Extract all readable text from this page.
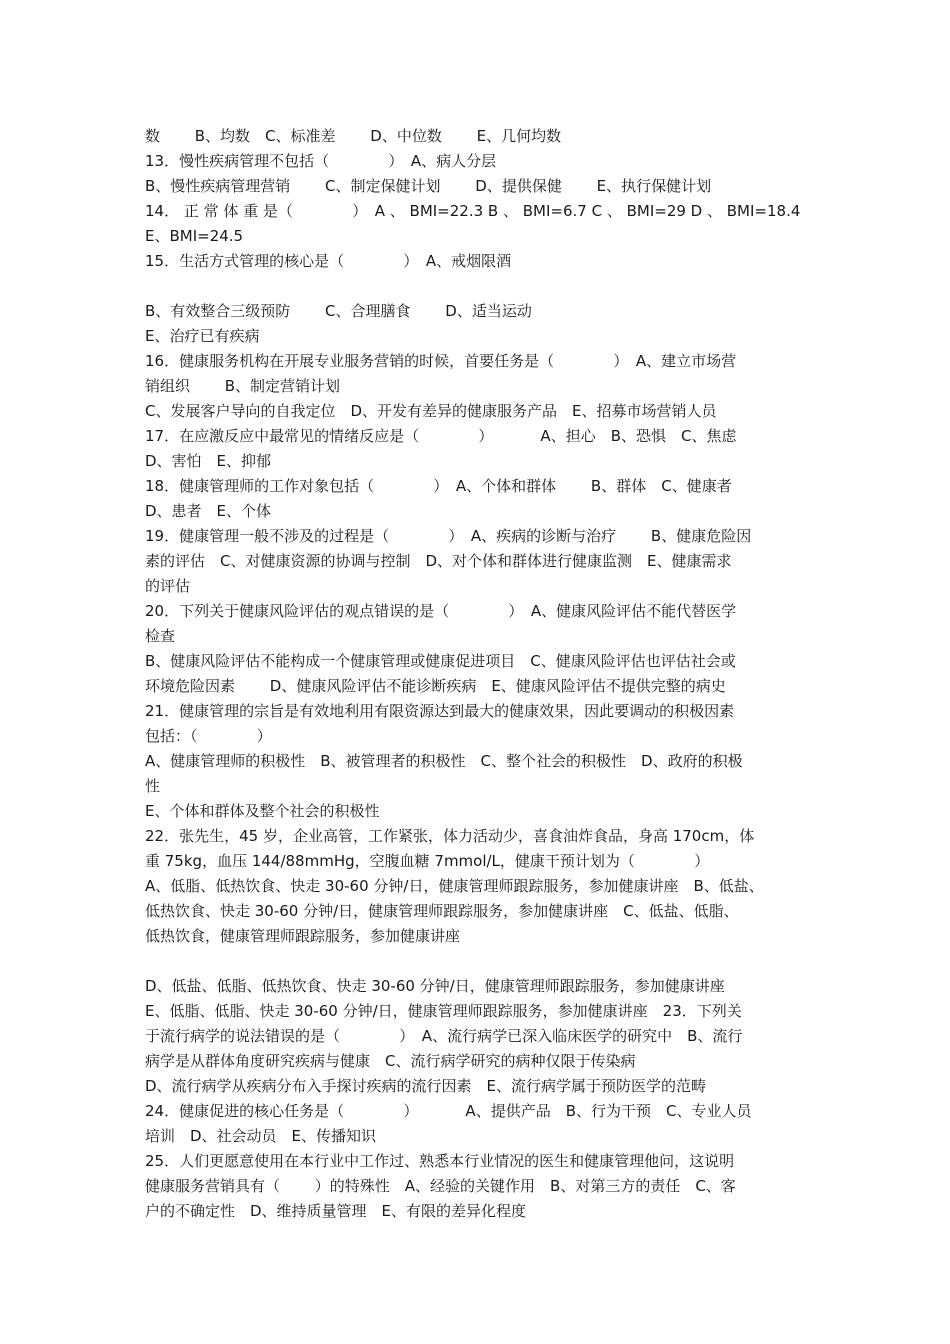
数　 　B、均数　C、标准差　 　D、中位数　 　E、几何均数

13．慢性疾病管理不包括（　 　 　 ）　A、病人分层

B、慢性疾病管理营销　 　C、制定保健计划　 　D、提供保健　 　E、执行保健计划

14． 正 常 体 重 是（　 　 　 ）　A 、 BMI=22.3 B 、 BMI=6.7 C 、 BMI=29 D 、 BMI=18.4

E、BMI=24.5

15．生活方式管理的核心是（　 　 　 ）　A、戒烟限酒

B、有效整合三级预防　 　C、合理膳食　 　D、适当运动

E、治疗已有疾病

16．健康服务机构在开展专业服务营销的时候，首要任务是（　 　 　 ）　A、建立市场营

销组织　 　B、制定营销计划

C、发展客户导向的自我定位　D、开发有差异的健康服务产品　E、招募市场营销人员

17．在应激反应中最常见的情绪反应是（　 　 　 ）　 　 　A、担心　B、恐惧　C、焦虑

D、害怕　E、抑郁

18．健康管理师的工作对象包括（　 　 　 ）　A、个体和群体　 　B、群体　C、健康者

D、患者　E、个体

19．健康管理一般不涉及的过程是（　 　 　 ）　A、疾病的诊断与治疗　 　B、健康危险因

素的评估　C、对健康资源的协调与控制　D、对个体和群体进行健康监测　E、健康需求

的评估

20．下列关于健康风险评估的观点错误的是（　 　 　 ）　A、健康风险评估不能代替医学

检查

B、健康风险评估不能构成一个健康管理或健康促进项目　C、健康风险评估也评估社会或

环境危险因素　 　D、健康风险评估不能诊断疾病　E、健康风险评估不提供完整的病史

21．健康管理的宗旨是有效地利用有限资源达到最大的健康效果，因此要调动的积极因素

包括：（　 　 　 ）

A、健康管理师的积极性　B、被管理者的积极性　C、整个社会的积极性　D、政府的积极

性

E、个体和群体及整个社会的积极性

22．张先生，45 岁，企业高管，工作紧张，体力活动少，喜食油炸食品，身高 170cm，体

重 75kg，血压 144/88mmHg，空腹血糖 7mmol/L，健康干预计划为（　 　 　 ）

A、低脂、低热饮食、快走 30-60 分钟/日，健康管理师跟踪服务，参加健康讲座　B、低盐、

低热饮食、快走 30-60 分钟/日，健康管理师跟踪服务，参加健康讲座　C、低盐、低脂、

低热饮食，健康管理师跟踪服务，参加健康讲座

D、低盐、低脂、低热饮食、快走 30-60 分钟/日，健康管理师跟踪服务，参加健康讲座

E、低脂、低脂、快走 30-60 分钟/日，健康管理师跟踪服务，参加健康讲座　23．下列关

于流行病学的说法错误的是（　 　 　 ）　A、流行病学已深入临床医学的研究中　B、流行

病学是从群体角度研究疾病与健康　C、流行病学研究的病种仅限于传染病

D、流行病学从疾病分布入手探讨疾病的流行因素　E、流行病学属于预防医学的范畴

24．健康促进的核心任务是（　 　 　 ）　 　 　A、提供产品　B、行为干预　C、专业人员

培训　D、社会动员　E、传播知识

25．人们更愿意使用在本行业中工作过、熟悉本行业情况的医生和健康管理他问，这说明

健康服务营销具有（　 　）的特殊性　A、经验的关键作用　B、对第三方的责任　C、客

户的不确定性　D、维持质量管理　E、有限的差异化程度
